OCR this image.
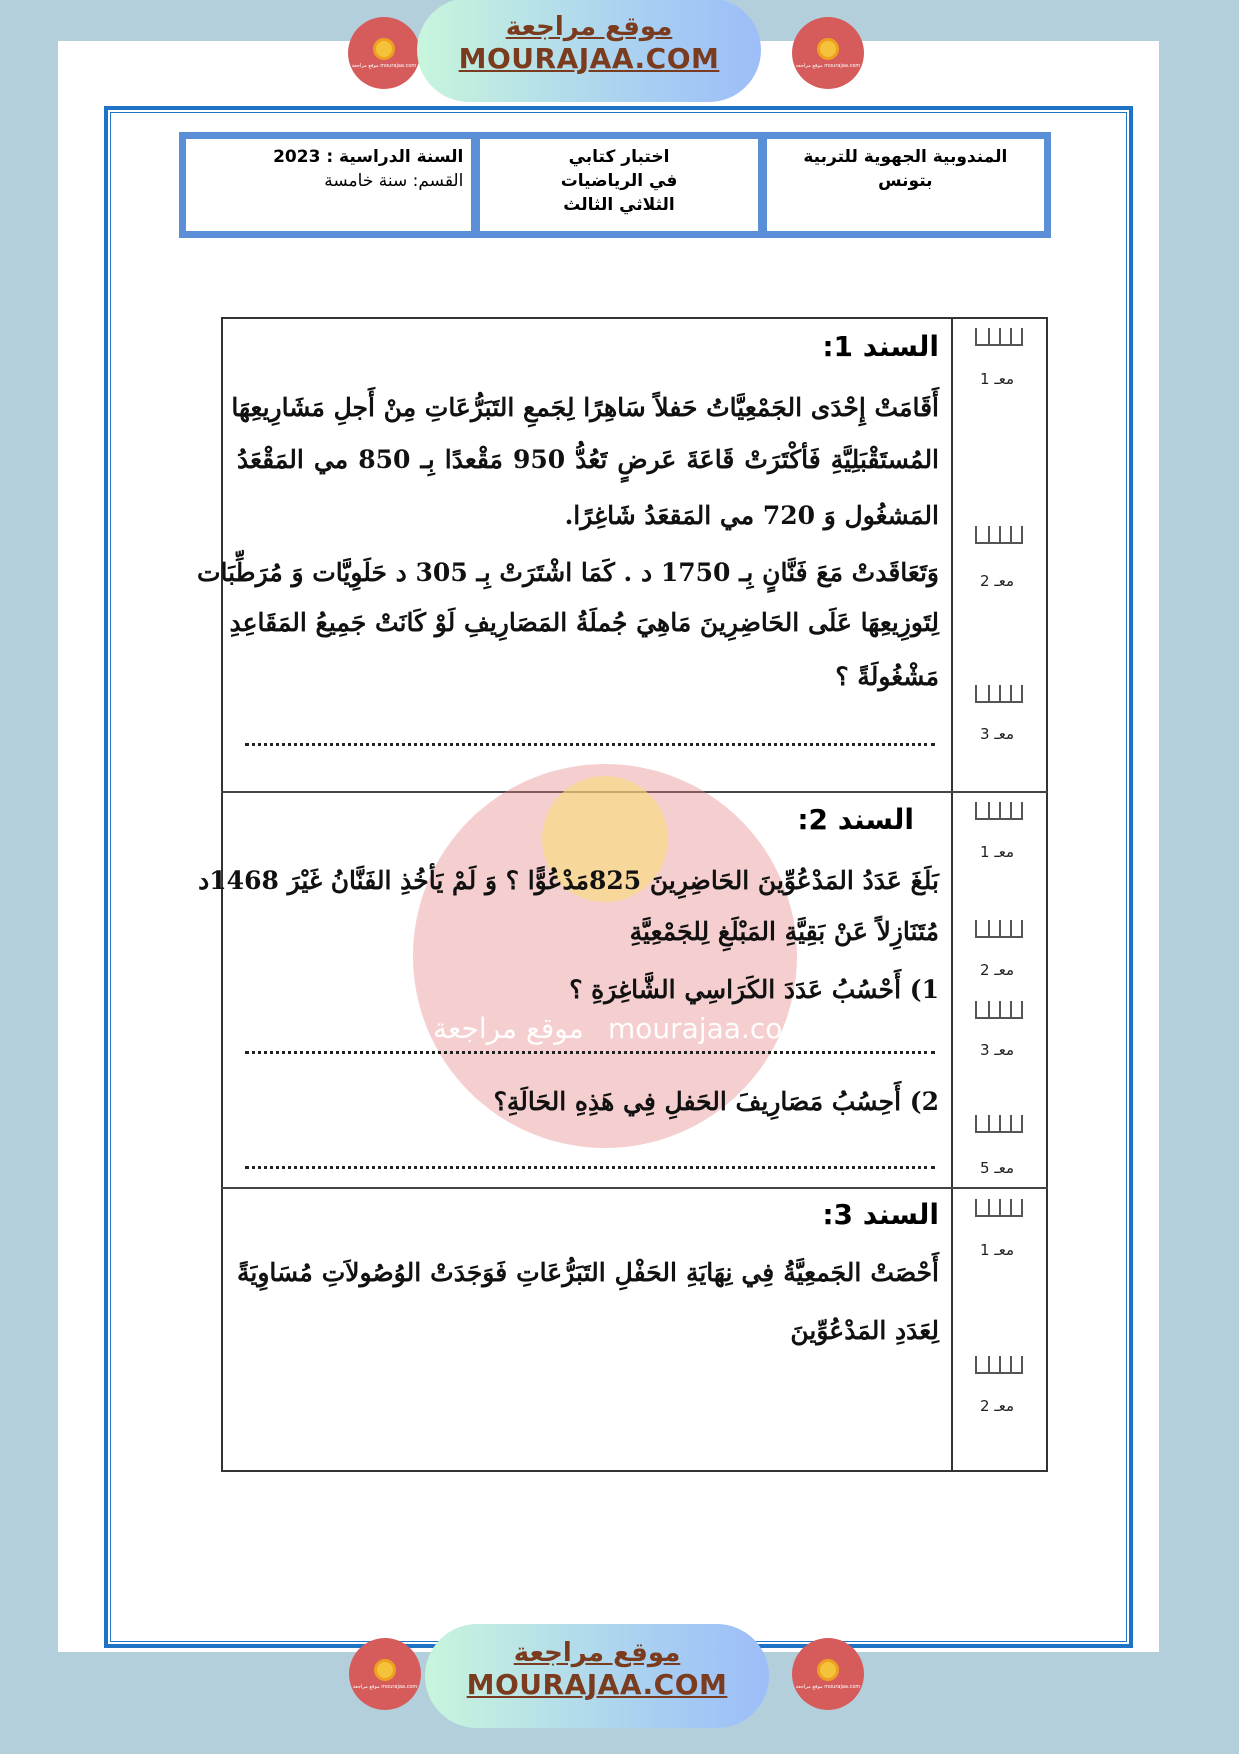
موقع مراجعة mourajaa.com
موقع مراجعة
MOURAJAA.COM	موقع مراجعة mourajaa.com
المندوبية الجهوية للتربية
بتونس
اختبار كتابي
في الرياضيات
الثلاثي الثالث
السنة الدراسية : 2023
القسم: سنة خامسة
موقع مراجعة mourajaa.com
السند 1:
أَقَامَتْ إِحْدَى الجَمْعِيَّاتُ حَفلاً سَاهِرًا لِجَمعِ التَبَرُّعَاتِ مِنْ أَجلِ مَشَارِيعِهَا
المُستَقْبَلِيَّةِ فَأكْتَرَتْ قَاعَةَ عَرضٍ تَعُدُّ 950 مَقْعدًا بِـ 850 مي المَقْعَدُ
المَشغُول وَ 720 مي المَقعَدُ شَاغِرًا.
وَتَعَاقَدتْ مَعَ فَنَّانٍ بِـ 1750 د . كَمَا اشْتَرَتْ بِـ 305 د حَلَوِيَّات وَ مُرَطِّبَات
لِتَوزِيعِهَا عَلَى الحَاضِرِينَ مَاهِيَ جُملَةُ المَصَارِيفِ لَوْ كَانَتْ جَمِيعُ المَقَاعِدِ
مَشْغُولَةً ؟
معـ 1
معـ 2
معـ 3
السند 2:
بَلَغَ عَدَدُ المَدْعُوِّينَ الحَاضِرِينَ 825مَدْعُوًّا ؟ وَ لَمْ يَأخُذِ الفَنَّانُ غَيْرَ 1468د
مُتَنَازِلاً عَنْ بَقِيَّةِ المَبْلَغِ لِلجَمْعِيَّةِ
1) أَحْسُبُ عَدَدَ الكَرَاسِي الشَّاغِرَةِ ؟
2) أَحِسُبُ مَصَارِيفَ الحَفلِ فِي هَذِهِ الحَالَةِ؟
معـ 1
معـ 2
معـ 3
معـ 5
السند 3:
أَحْصَتْ الجَمعِيَّةُ فِي نِهَايَةِ الحَفْلِ التَبَرُّعَاتِ فَوَجَدَتْ الوُصُولاَتِ مُسَاوِيَةً
لِعَدَدِ المَدْعُوِّينَ
معـ 1
معـ 2
موقع مراجعة mourajaa.com
موقع مراجعة
MOURAJAA.COM	موقع مراجعة mourajaa.com
